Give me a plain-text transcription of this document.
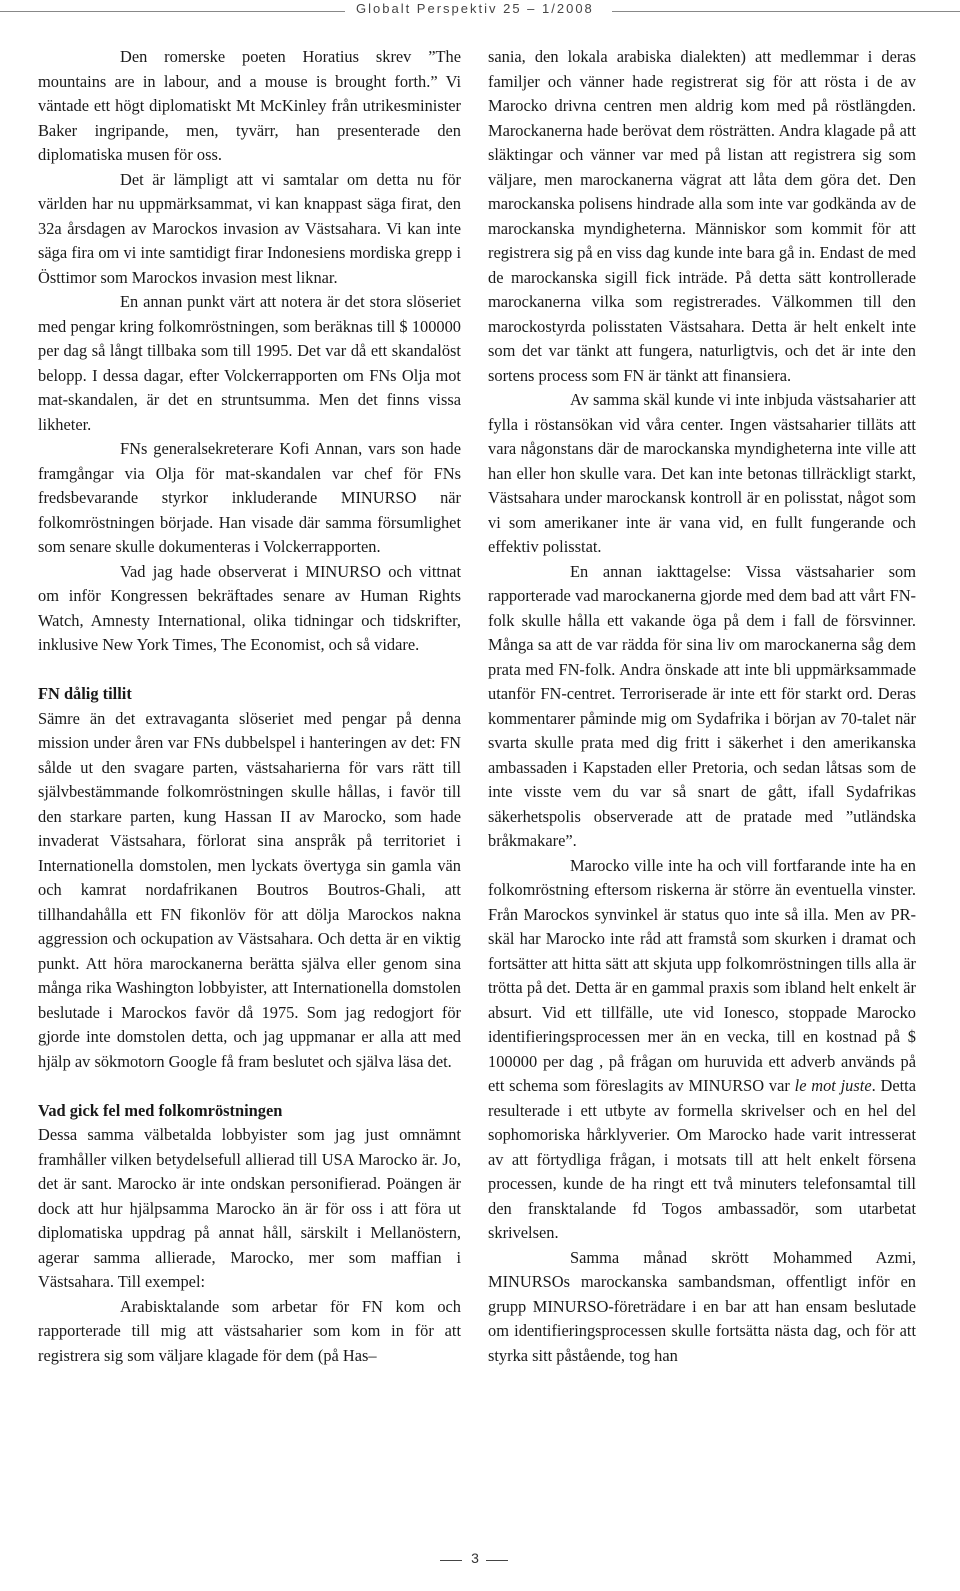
Globalt Perspektiv 25 – 1/2008

Den romerske poeten Horatius skrev ”The mountains are in labour, and a mouse is brought forth.” Vi väntade ett högt diplomatiskt Mt McKinley från utrikesminister Baker ingripande, men, tyvärr, han presenterade den diplomatiska musen för oss.

Det är lämpligt att vi samtalar om detta nu för världen har nu uppmärksammat, vi kan knappast säga firat, den 32a årsdagen av Marockos invasion av Västsahara. Vi kan inte säga fira om vi inte samtidigt firar Indonesiens mordiska grepp i Östtimor som Marockos invasion mest liknar.

En annan punkt värt att notera är det stora slöseriet med pengar kring folkomröstningen, som beräknas till $ 100000 per dag så långt tillbaka som till 1995. Det var då ett skandalöst belopp. I dessa dagar, efter Volckerrapporten om FNs Olja mot mat-skandalen, är det en struntsumma. Men det finns vissa likheter.

FNs generalsekreterare Kofi Annan, vars son hade framgångar via Olja för mat-skandalen var chef för FNs fredsbevarande styrkor inkluderande MINURSO när folkomröstningen började. Han visade där samma försumlighet som senare skulle dokumenteras i Volckerrapporten.

Vad jag hade observerat i MINURSO och vittnat om inför Kongressen bekräftades senare av Human Rights Watch, Amnesty International, olika tidningar och tidskrifter, inklusive New York Times, The Economist, och så vidare.

FN dålig tillit

Sämre än det extravaganta slöseriet med pengar på denna mission under åren var FNs dubbelspel i hanteringen av det: FN sålde ut den svagare parten, västsaharierna för vars rätt till självbestämmande folkomröstningen skulle hållas, i favör till den starkare parten, kung Hassan II av Marocko, som hade invaderat Västsahara, förlorat sina anspråk på territoriet i Internationella domstolen, men lyckats övertyga sin gamla vän och kamrat nordafrikanen Boutros Boutros-Ghali, att tillhandahålla ett FN fikonlöv för att dölja Marockos nakna aggression och ockupation av Västsahara. Och detta är en viktig punkt. Att höra marockanerna berätta själva eller genom sina många rika Washington lobbyister, att Internationella domstolen beslutade i Marockos favör då 1975. Som jag redogjort för gjorde inte domstolen detta, och jag uppmanar er alla att med hjälp av sökmotorn Google få fram beslutet och själva läsa det.

Vad gick fel med folkomröstningen

Dessa samma välbetalda lobbyister som jag just omnämnt framhåller vilken betydelsefull allierad till USA Marocko är. Jo, det är sant. Marocko är inte ondskan personifierad. Poängen är dock att hur hjälpsamma Marocko än är för oss i att föra ut diplomatiska uppdrag på annat håll, särskilt i Mellanöstern, agerar samma allierade, Marocko, mer som maffian i Västsahara. Till exempel:

Arabisktalande som arbetar för FN kom och rapporterade till mig att västsaharier som kom in för att registrera sig som väljare klagade för dem (på Has–

sania, den lokala arabiska dialekten) att medlemmar i deras familjer och vänner hade registrerat sig för att rösta i de av Marocko drivna centren men aldrig kom med på röstlängden. Marockanerna hade berövat dem rösträtten. Andra klagade på att släktingar och vänner var med på listan att registrera sig som väljare, men marockanerna vägrat att låta dem göra det. Den marockanska polisens hindrade alla som inte var godkända av de marockanska myndigheterna. Människor som kommit för att registrera sig på en viss dag kunde inte bara gå in. Endast de med de marockanska sigill fick inträde. På detta sätt kontrollerade marockanerna vilka som registrerades. Välkommen till den marockostyrda polisstaten Västsahara. Detta är helt enkelt inte som det var tänkt att fungera, naturligtvis, och det är inte den sortens process som FN är tänkt att finansiera.

Av samma skäl kunde vi inte inbjuda västsaharier att fylla i röstansökan vid våra center. Ingen västsaharier tilläts att vara någonstans där de marockanska myndigheterna inte ville att han eller hon skulle vara. Det kan inte betonas tillräckligt starkt, Västsahara under marockansk kontroll är en polisstat, något som vi som amerikaner inte är vana vid, en fullt fungerande och effektiv polisstat.

En annan iakttagelse: Vissa västsaharier som rapporterade vad marockanerna gjorde med dem bad att vårt FN-folk skulle hålla ett vakande öga på dem i fall de försvinner. Många sa att de var rädda för sina liv om marockanerna såg dem prata med FN-folk. Andra önskade att inte bli uppmärksammade utanför FN-centret. Terroriserade är inte ett för starkt ord. Deras kommentarer påminde mig om Sydafrika i början av 70-talet när svarta skulle prata med dig fritt i säkerhet i den amerikanska ambassaden i Kapstaden eller Pretoria, och sedan låtsas som de inte visste vem du var så snart de gått, ifall Sydafrikas säkerhetspolis observerade att de pratade med ”utländska bråkmakare”.

Marocko ville inte ha och vill fortfarande inte ha en folkomröstning eftersom riskerna är större än eventuella vinster. Från Marockos synvinkel är status quo inte så illa. Men av PR-skäl har Marocko inte råd att framstå som skurken i dramat och fortsätter att hitta sätt att skjuta upp folkomröstningen tills alla är trötta på det. Detta är en gammal praxis som ibland helt enkelt är absurt. Vid ett tillfälle, ute vid Ionesco, stoppade Marocko identifieringsprocessen mer än en vecka, till en kostnad på $ 100000 per dag , på frågan om huruvida ett adverb används på ett schema som föreslagits av MINURSO var le mot juste. Detta resulterade i ett utbyte av formella skrivelser och en hel del sophomoriska hårklyverier. Om Marocko hade varit intresserat av att förtydliga frågan, i motsats till att helt enkelt försena processen, kunde de ha ringt ett två minuters telefonsamtal till den fransktalande fd Togos ambassadör, som utarbetat skrivelsen.

Samma månad skrött Mohammed Azmi, MINURSOs marockanska sambandsman, offentligt inför en grupp MINURSO-företrädare i en bar att han ensam beslutade om identifieringsprocessen skulle fortsätta nästa dag, och för att styrka sitt påstående, tog han

3
